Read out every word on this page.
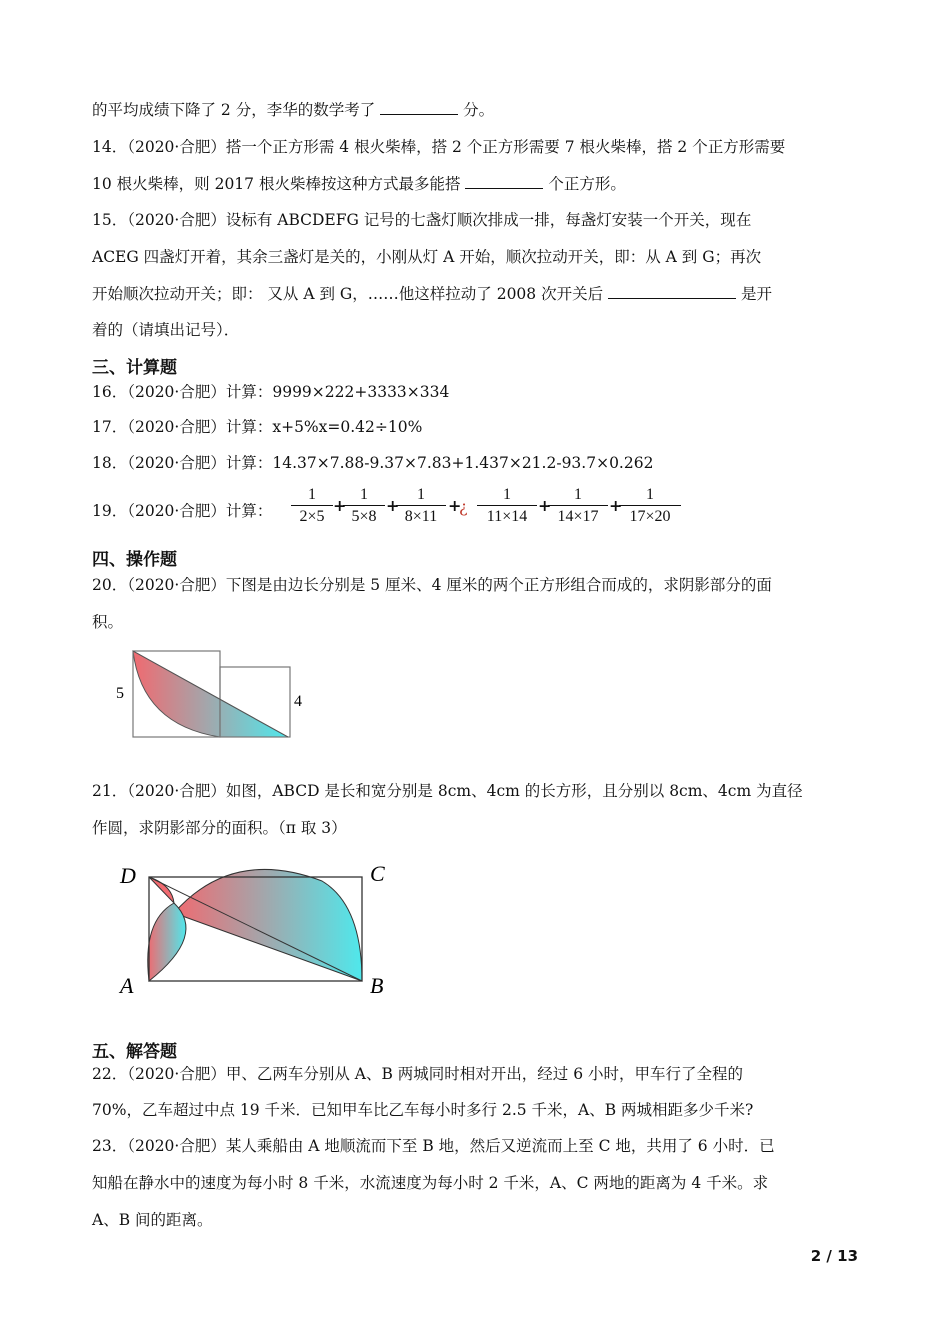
的平均成绩下降了 2 分，李华的数学考了	分。
14．（2020·合肥）搭一个正方形需 4 根火柴棒，搭 2 个正方形需要 7 根火柴棒，搭 2 个正方形需要
10 根火柴棒，则 2017 根火柴棒按这种方式最多能搭	个正方形。
15．（2020·合肥）设标有 ABCDEFG 记号的七盏灯顺次排成一排，每盏灯安装一个开关，现在
ACEG 四盏灯开着，其余三盏灯是关的，小刚从灯 A 开始，顺次拉动开关，即：从 A 到 G；再次
开始顺次拉动开关；即： 又从 A 到 G，……他这样拉动了 2008 次开关后	是开
着的（请填出记号）．
三、计算题
16．（2020·合肥）计算：9999×222+3333×334
17．（2020·合肥）计算：x+5%x=0.42÷10%
18．（2020·合肥）计算：14.37×7.88-9.37×7.83+1.437×21.2-93.7×0.262
19．（2020·合肥）计算： $\frac{1}{2\times 5}$ +
$\frac{1}{5\times 8}$ +
$\frac{1}{8\times 11}$ +
¿ $\frac{1}{11\times 14}$ +
$\frac{1}{14\times 17}$ +
$\frac{1}{17\times 20}$
四、操作题
20．（2020·合肥）下图是由边长分别是 5 厘米、4 厘米的两个正方形组合而成的，求阴影部分的面
积。
5	4
21．（2020·合肥）如图，ABCD 是长和宽分别是 8cm、4cm 的长方形，且分别以 8cm、4cm 为直径
作圆，求阴影部分的面积。（π 取 3）
D	C
A	B
五、解答题
22．（2020·合肥）甲、乙两车分别从 A、B 两城同时相对开出，经过 6 小时，甲车行了全程的
70%，乙车超过中点 19 千米．已知甲车比乙车每小时多行 2.5 千米，A、B 两城相距多少千米?
23．（2020·合肥）某人乘船由 A 地顺流而下至 B 地，然后又逆流而上至 C 地，共用了 6 小时．已
知船在静水中的速度为每小时 8 千米，水流速度为每小时 2 千米，A、C 两地的距离为 4 千米。求
A、B 间的距离。
2 / 13
